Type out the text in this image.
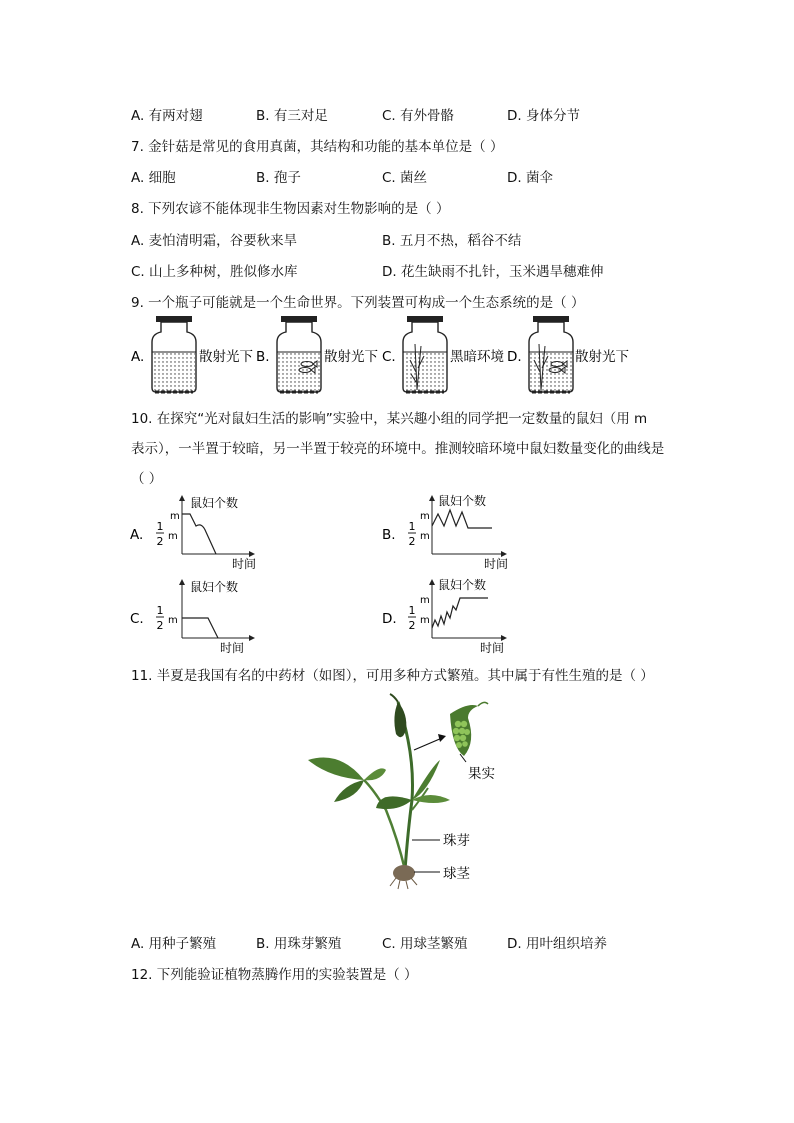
A. 有两对翅	B. 有三对足	C. 有外骨骼	D. 身体分节
7. 金针菇是常见的食用真菌，其结构和功能的基本单位是（ ）
A. 细胞	B. 孢子	C. 菌丝	D. 菌伞
8. 下列农谚不能体现非生物因素对生物影响的是（ ）
A. 麦怕清明霜，谷要秋来旱	B. 五月不热，稻谷不结
C. 山上多种树，胜似修水库	D. 花生缺雨不扎针，玉米遇旱穗难伸
9. 一个瓶子可能就是一个生命世界。下列装置可构成一个生态系统的是（ ）
A.	散射光下 B.	散射光下 C.	黑暗环境 D.	散射光下
10. 在探究“光对鼠妇生活的影响”实验中，某兴趣小组的同学把一定数量的鼠妇（用 m
表示），一半置于较暗，另一半置于较亮的环境中。推测较暗环境中鼠妇数量变化的曲线是
（ ）
A.
1
2 m
m
鼠妇个数
时间
B.
1
2 m
m
鼠妇个数
时间
C.
1
2 m
鼠妇个数
时间
D.
1
2 m
m
鼠妇个数
时间
11. 半夏是我国有名的中药材（如图），可用多种方式繁殖。其中属于有性生殖的是（ ）
果实
珠芽
球茎
A. 用种子繁殖	B. 用珠芽繁殖	C. 用球茎繁殖	D. 用叶组织培养
12. 下列能验证植物蒸腾作用的实验装置是（ ）
